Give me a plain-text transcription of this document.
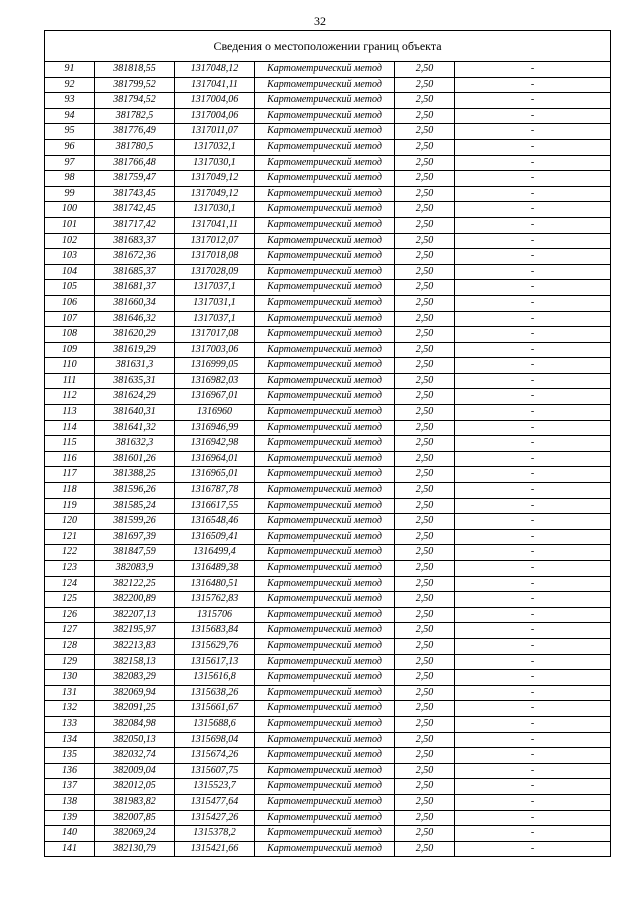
32
Сведения о местоположении границ объекта					
91	381818,55	1317048,12	Картометрический метод	2,50	-
92	381799,52	1317041,11	Картометрический метод	2,50	-
93	381794,52	1317004,06	Картометрический метод	2,50	-
94	381782,5	1317004,06	Картометрический метод	2,50	-
95	381776,49	1317011,07	Картометрический метод	2,50	-
96	381780,5	1317032,1	Картометрический метод	2,50	-
97	381766,48	1317030,1	Картометрический метод	2,50	-
98	381759,47	1317049,12	Картометрический метод	2,50	-
99	381743,45	1317049,12	Картометрический метод	2,50	-
100	381742,45	1317030,1	Картометрический метод	2,50	-
101	381717,42	1317041,11	Картометрический метод	2,50	-
102	381683,37	1317012,07	Картометрический метод	2,50	-
103	381672,36	1317018,08	Картометрический метод	2,50	-
104	381685,37	1317028,09	Картометрический метод	2,50	-
105	381681,37	1317037,1	Картометрический метод	2,50	-
106	381660,34	1317031,1	Картометрический метод	2,50	-
107	381646,32	1317037,1	Картометрический метод	2,50	-
108	381620,29	1317017,08	Картометрический метод	2,50	-
109	381619,29	1317003,06	Картометрический метод	2,50	-
110	381631,3	1316999,05	Картометрический метод	2,50	-
111	381635,31	1316982,03	Картометрический метод	2,50	-
112	381624,29	1316967,01	Картометрический метод	2,50	-
113	381640,31	1316960	Картометрический метод	2,50	-
114	381641,32	1316946,99	Картометрический метод	2,50	-
115	381632,3	1316942,98	Картометрический метод	2,50	-
116	381601,26	1316964,01	Картометрический метод	2,50	-
117	381388,25	1316965,01	Картометрический метод	2,50	-
118	381596,26	1316787,78	Картометрический метод	2,50	-
119	381585,24	1316617,55	Картометрический метод	2,50	-
120	381599,26	1316548,46	Картометрический метод	2,50	-
121	381697,39	1316509,41	Картометрический метод	2,50	-
122	381847,59	1316499,4	Картометрический метод	2,50	-
123	382083,9	1316489,38	Картометрический метод	2,50	-
124	382122,25	1316480,51	Картометрический метод	2,50	-
125	382200,89	1315762,83	Картометрический метод	2,50	-
126	382207,13	1315706	Картометрический метод	2,50	-
127	382195,97	1315683,84	Картометрический метод	2,50	-
128	382213,83	1315629,76	Картометрический метод	2,50	-
129	382158,13	1315617,13	Картометрический метод	2,50	-
130	382083,29	1315616,8	Картометрический метод	2,50	-
131	382069,94	1315638,26	Картометрический метод	2,50	-
132	382091,25	1315661,67	Картометрический метод	2,50	-
133	382084,98	1315688,6	Картометрический метод	2,50	-
134	382050,13	1315698,04	Картометрический метод	2,50	-
135	382032,74	1315674,26	Картометрический метод	2,50	-
136	382009,04	1315607,75	Картометрический метод	2,50	-
137	382012,05	1315523,7	Картометрический метод	2,50	-
138	381983,82	1315477,64	Картометрический метод	2,50	-
139	382007,85	1315427,26	Картометрический метод	2,50	-
140	382069,24	1315378,2	Картометрический метод	2,50	-
141	382130,79	1315421,66	Картометрический метод	2,50	-
